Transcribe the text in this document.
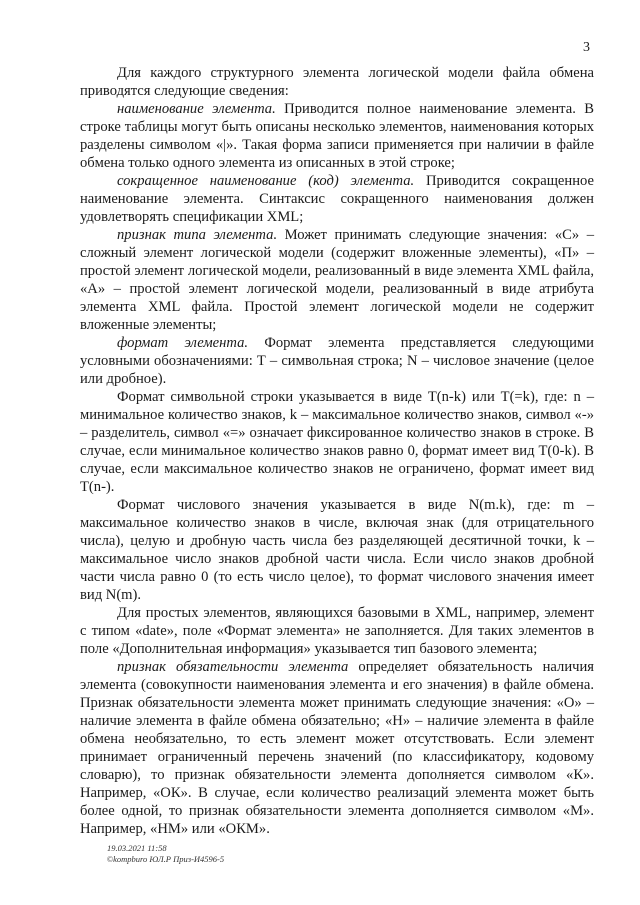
3

Для каждого структурного элемента логической модели файла обмена приводятся следующие сведения:

наименование элемента. Приводится полное наименование элемента. В строке таблицы могут быть описаны несколько элементов, наименования которых разделены символом «|». Такая форма записи применяется при наличии в файле обмена только одного элемента из описанных в этой строке;

сокращенное наименование (код) элемента. Приводится сокращенное наименование элемента. Синтаксис сокращенного наименования должен удовлетворять спецификации XML;

признак типа элемента. Может принимать следующие значения: «С» – сложный элемент логической модели (содержит вложенные элементы), «П» – простой элемент логической модели, реализованный в виде элемента XML файла, «А» – простой элемент логической модели, реализованный в виде атрибута элемента XML файла. Простой элемент логической модели не содержит вложенные элементы;

формат элемента. Формат элемента представляется следующими условными обозначениями: Т – символьная строка; N – числовое значение (целое или дробное).

Формат символьной строки указывается в виде Т(n-k) или Т(=k), где: n – минимальное количество знаков, k – максимальное количество знаков, символ «-» – разделитель, символ «=» означает фиксированное количество знаков в строке. В случае, если минимальное количество знаков равно 0, формат имеет вид Т(0-k). В случае, если максимальное количество знаков не ограничено, формат имеет вид Т(n-).

Формат числового значения указывается в виде N(m.k), где: m – максимальное количество знаков в числе, включая знак (для отрицательного числа), целую и дробную часть числа без разделяющей десятичной точки, k – максимальное число знаков дробной части числа. Если число знаков дробной части числа равно 0 (то есть число целое), то формат числового значения имеет вид N(m).

Для простых элементов, являющихся базовыми в XML, например, элемент с типом «date», поле «Формат элемента» не заполняется. Для таких элементов в поле «Дополнительная информация» указывается тип базового элемента;

признак обязательности элемента определяет обязательность наличия элемента (совокупности наименования элемента и его значения) в файле обмена. Признак обязательности элемента может принимать следующие значения: «О» – наличие элемента в файле обмена обязательно; «Н» – наличие элемента в файле обмена необязательно, то есть элемент может отсутствовать. Если элемент принимает ограниченный перечень значений (по классификатору, кодовому словарю), то признак обязательности элемента дополняется символом «К». Например, «ОК». В случае, если количество реализаций элемента может быть более одной, то признак обязательности элемента дополняется символом «М». Например, «НМ» или «ОКМ».

19.03.2021 11:58
©kompburo ЮЛ.Р Приз-И4596-5
